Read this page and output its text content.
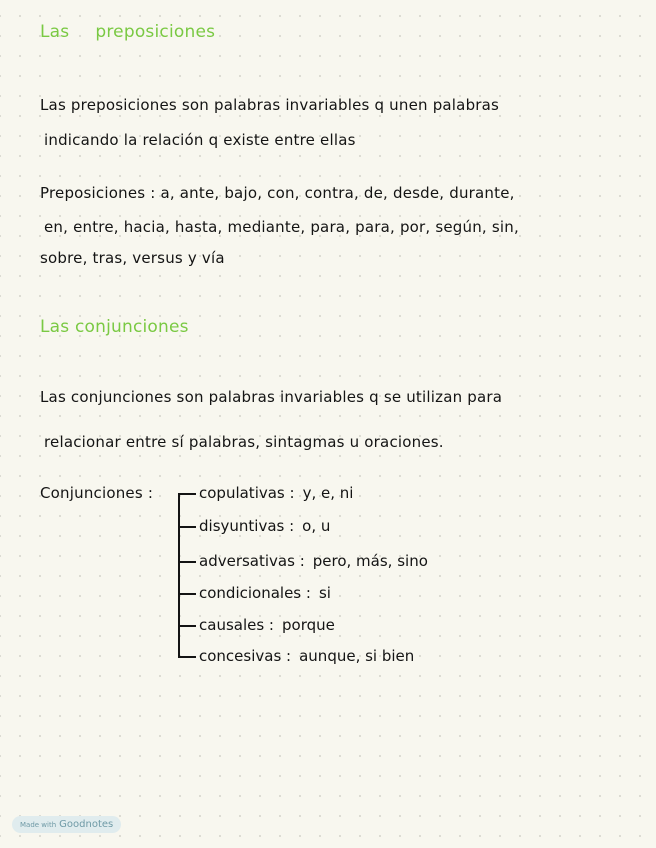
Las preposiciones
Las preposiciones son palabras invariables q unen palabras
indicando la relación q existe entre ellas
Preposiciones : a, ante, bajo, con, contra, de, desde, durante,
en, entre, hacia, hasta, mediante, para, para, por, según, sin,
sobre, tras, versus y vía
Las conjunciones
Las conjunciones son palabras invariables q se utilizan para
relacionar entre sí palabras, sintagmas u oraciones.
Conjunciones :	copulativas : y, e, ni
disyuntivas : o, u
adversativas : pero, más, sino
condicionales : si
causales : porque
concesivas : aunque, si bien
Made with Goodnotes
